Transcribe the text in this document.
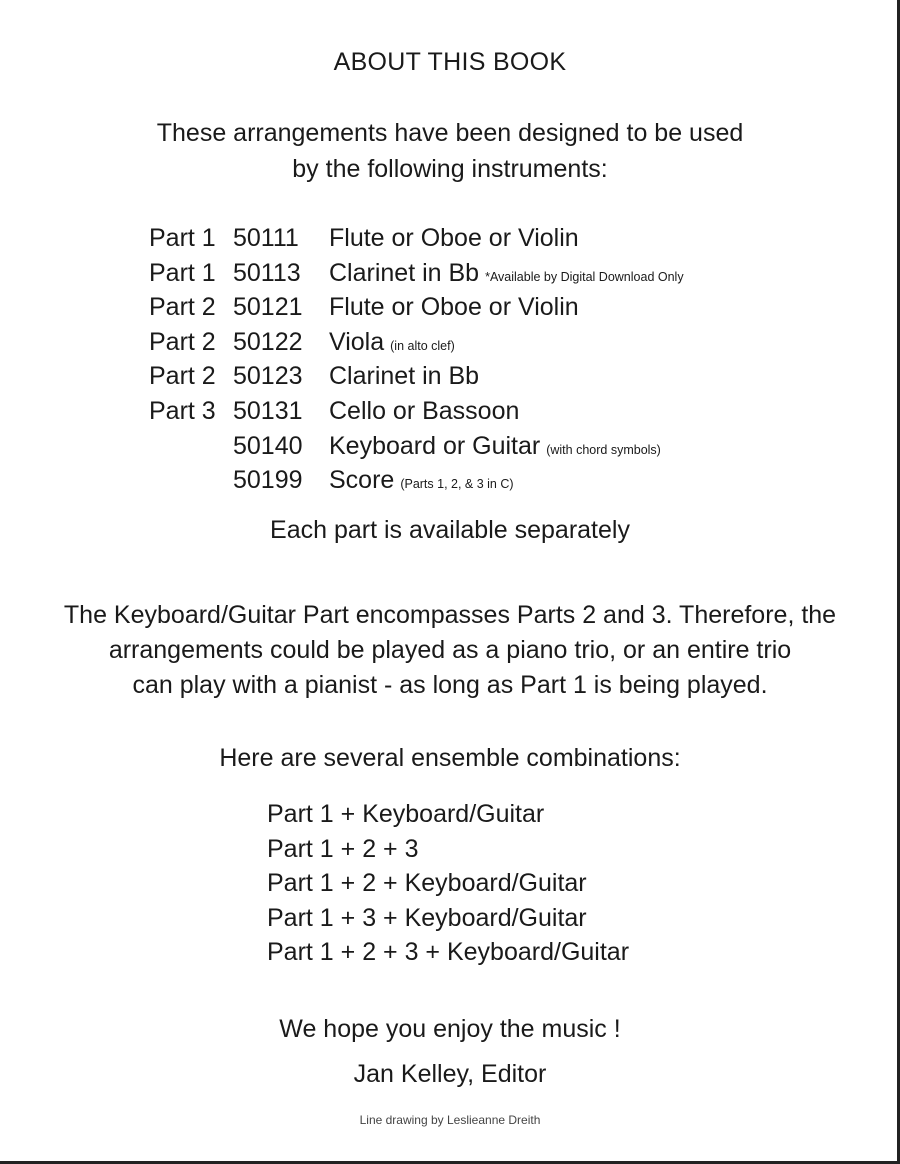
ABOUT THIS BOOK
These arrangements have been designed to be used
by the following instruments:
Part 1 50111 Flute or Oboe or Violin
Part 1 50113 Clarinet in Bb *Available by Digital Download Only
Part 2 50121 Flute or Oboe or Violin
Part 2 50122 Viola (in alto clef)
Part 2 50123 Clarinet in Bb
Part 3 50131 Cello or Bassoon
50140 Keyboard or Guitar (with chord symbols)
50199 Score (Parts 1, 2, & 3 in C)
Each part is available separately
The Keyboard/Guitar Part encompasses Parts 2 and 3. Therefore, the
arrangements could be played as a piano trio, or an entire trio
can play with a pianist - as long as Part 1 is being played.
Here are several ensemble combinations:
Part 1 + Keyboard/Guitar
Part 1 + 2 + 3
Part 1 + 2 + Keyboard/Guitar
Part 1 + 3 + Keyboard/Guitar
Part 1 + 2 + 3 + Keyboard/Guitar
We hope you enjoy the music !
Jan Kelley, Editor
Line drawing by Leslieanne Dreith
